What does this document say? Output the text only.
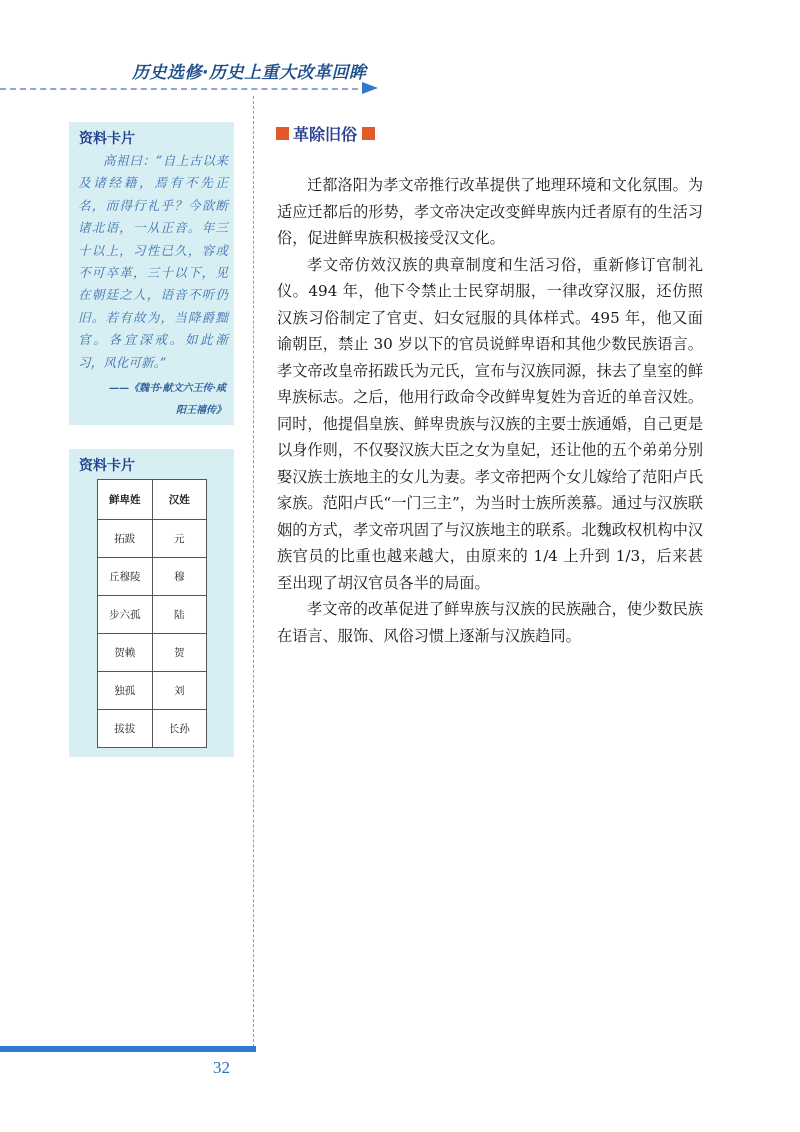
历史选修·历史上重大改革回眸
资料卡片
高祖曰：“自上古以来及诸经籍，焉有不先正名，而得行礼乎？今欲断诸北语，一从正音。年三十以上，习性已久，容或不可卒革，三十以下，见在朝廷之人，语音不听仍旧。若有故为，当降爵黜官。各宜深戒。如此渐习，风化可新。”
——《魏书·献文六王传·咸
阳王禧传》
资料卡片
鲜卑姓	汉姓
拓跋	元
丘穆陵	穆
步六孤	陆
贺赖	贺
独孤	刘
拔拔	长孙
革除旧俗

迁都洛阳为孝文帝推行改革提供了地理环境和文化氛围。为适应迁都后的形势，孝文帝决定改变鲜卑族内迁者原有的生活习俗，促进鲜卑族积极接受汉文化。

孝文帝仿效汉族的典章制度和生活习俗，重新修订官制礼仪。494 年，他下令禁止士民穿胡服，一律改穿汉服，还仿照汉族习俗制定了官吏、妇女冠服的具体样式。495 年，他又面谕朝臣，禁止 30 岁以下的官员说鲜卑语和其他少数民族语言。孝文帝改皇帝拓跋氏为元氏，宣布与汉族同源，抹去了皇室的鲜卑族标志。之后，他用行政命令改鲜卑复姓为音近的单音汉姓。同时，他提倡皇族、鲜卑贵族与汉族的主要士族通婚，自己更是以身作则，不仅娶汉族大臣之女为皇妃，还让他的五个弟弟分别娶汉族士族地主的女儿为妻。孝文帝把两个女儿嫁给了范阳卢氏家族。范阳卢氏“一门三主”，为当时士族所羡慕。通过与汉族联姻的方式，孝文帝巩固了与汉族地主的联系。北魏政权机构中汉族官员的比重也越来越大，由原来的 1/4 上升到 1/3，后来甚至出现了胡汉官员各半的局面。

孝文帝的改革促进了鲜卑族与汉族的民族融合，使少数民族在语言、服饰、风俗习惯上逐渐与汉族趋同。

32
